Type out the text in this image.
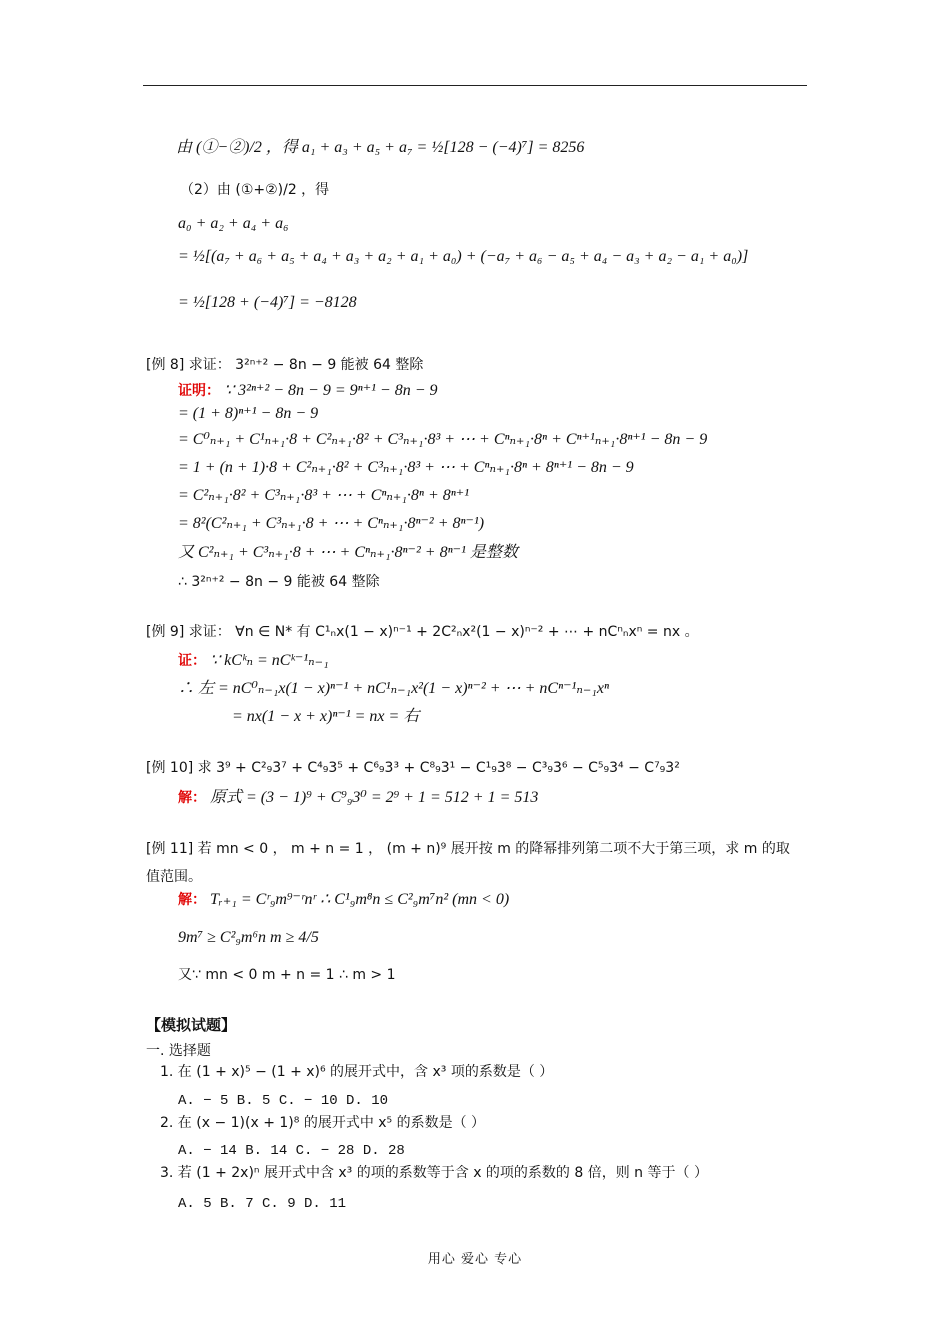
由 (①−②)/2 ，得 a₁ + a₃ + a₅ + a₇ = ½[128 − (−4)⁷] = 8256
（2）由 (①+②)/2 ，得
a₀ + a₂ + a₄ + a₆
= ½[(a₇ + a₆ + a₅ + a₄ + a₃ + a₂ + a₁ + a₀) + (−a₇ + a₆ − a₅ + a₄ − a₃ + a₂ − a₁ + a₀)]
= ½[128 + (−4)⁷] = −8128
[例 8] 求证： 3²ⁿ⁺² − 8n − 9 能被 64 整除
证明： ∵ 3²ⁿ⁺² − 8n − 9 = 9ⁿ⁺¹ − 8n − 9
= (1 + 8)ⁿ⁺¹ − 8n − 9
= C⁰ₙ₊₁ + C¹ₙ₊₁·8 + C²ₙ₊₁·8² + C³ₙ₊₁·8³ + ⋯ + Cⁿₙ₊₁·8ⁿ + Cⁿ⁺¹ₙ₊₁·8ⁿ⁺¹ − 8n − 9
= 1 + (n + 1)·8 + C²ₙ₊₁·8² + C³ₙ₊₁·8³ + ⋯ + Cⁿₙ₊₁·8ⁿ + 8ⁿ⁺¹ − 8n − 9
= C²ₙ₊₁·8² + C³ₙ₊₁·8³ + ⋯ + Cⁿₙ₊₁·8ⁿ + 8ⁿ⁺¹
= 8²(C²ₙ₊₁ + C³ₙ₊₁·8 + ⋯ + Cⁿₙ₊₁·8ⁿ⁻² + 8ⁿ⁻¹)
又 C²ₙ₊₁ + C³ₙ₊₁·8 + ⋯ + Cⁿₙ₊₁·8ⁿ⁻² + 8ⁿ⁻¹ 是整数
∴ 3²ⁿ⁺² − 8n − 9 能被 64 整除
[例 9] 求证： ∀n ∈ N* 有 C¹ₙx(1 − x)ⁿ⁻¹ + 2C²ₙx²(1 − x)ⁿ⁻² + ⋯ + nCⁿₙxⁿ = nx 。
证： ∵ kCᵏₙ = nCᵏ⁻¹ₙ₋₁
∴ 左 = nC⁰ₙ₋₁x(1 − x)ⁿ⁻¹ + nC¹ₙ₋₁x²(1 − x)ⁿ⁻² + ⋯ + nCⁿ⁻¹ₙ₋₁xⁿ
= nx(1 − x + x)ⁿ⁻¹ = nx = 右
[例 10] 求 3⁹ + C²₉3⁷ + C⁴₉3⁵ + C⁶₉3³ + C⁸₉3¹ − C¹₉3⁸ − C³₉3⁶ − C⁵₉3⁴ − C⁷₉3²
解： 原式 = (3 − 1)⁹ + C⁹₉3⁰ = 2⁹ + 1 = 512 + 1 = 513
[例 11] 若 mn < 0 ， m + n = 1 ， (m + n)⁹ 展开按 m 的降幂排列第二项不大于第三项，求 m 的取
值范围。
解： Tᵣ₊₁ = Cʳ₉m⁹⁻ʳnʳ ∴ C¹₉m⁸n ≤ C²₉m⁷n² (mn < 0)
9m⁷ ≥ C²₉m⁶n m ≥ 4/5
又∵ mn < 0 m + n = 1 ∴ m > 1
【模拟试题】
一. 选择题
1. 在 (1 + x)⁵ − (1 + x)⁶ 的展开式中，含 x³ 项的系数是（ ）
A. − 5 B. 5 C. − 10 D. 10
2. 在 (x − 1)(x + 1)⁸ 的展开式中 x⁵ 的系数是（ ）
A. − 14 B. 14 C. − 28 D. 28
3. 若 (1 + 2x)ⁿ 展开式中含 x³ 的项的系数等于含 x 的项的系数的 8 倍，则 n 等于（ ）
A. 5 B. 7 C. 9 D. 11
用心 爱心 专心
